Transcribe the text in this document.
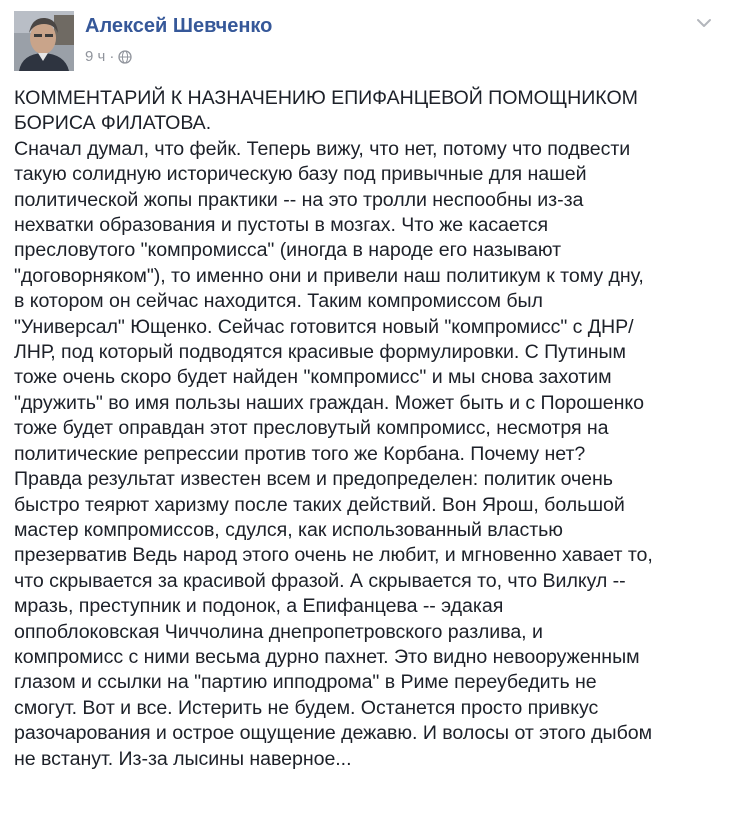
Алексей Шевченко
9 ч ·
КОММЕНТАРИЙ К НАЗНАЧЕНИЮ ЕПИФАНЦЕВОЙ ПОМОЩНИКОМ
БОРИСА ФИЛАТОВА.
Сначал думал, что фейк. Теперь вижу, что нет, потому что подвести
такую солидную историческую базу под привычные для нашей
политической жопы практики -- на это тролли неспообны из-за
нехватки образования и пустоты в мозгах. Что же касается
пресловутого "компромисса" (иногда в народе его называют
"договорняком"), то именно они и привели наш политикум к тому дну,
в котором он сейчас находится. Таким компромиссом был
"Универсал" Ющенко. Сейчас готовится новый "компромисс" с ДНР/
ЛНР, под который подводятся красивые формулировки. С Путиным
тоже очень скоро будет найден "компромисс" и мы снова захотим
"дружить" во имя пользы наших граждан. Может быть и с Порошенко
тоже будет оправдан этот пресловутый компромисс, несмотря на
политические репрессии против того же Корбана. Почему нет?
Правда результат известен всем и предопределен: политик очень
быстро теярют харизму после таких действий. Вон Ярош, большой
мастер компромиссов, сдулся, как использованный властью
презерватив Ведь народ этого очень не любит, и мгновенно хавает то,
что скрывается за красивой фразой. А скрывается то, что Вилкул --
мразь, преступник и подонок, а Епифанцева -- эдакая
оппоблоковская Чиччолина днепропетровского разлива, и
компромисс с ними весьма дурно пахнет. Это видно невооруженным
глазом и ссылки на "партию ипподрома" в Риме переубедить не
смогут. Вот и все. Истерить не будем. Останется просто привкус
разочарования и острое ощущение дежавю. И волосы от этого дыбом
не встанут. Из-за лысины наверное...
